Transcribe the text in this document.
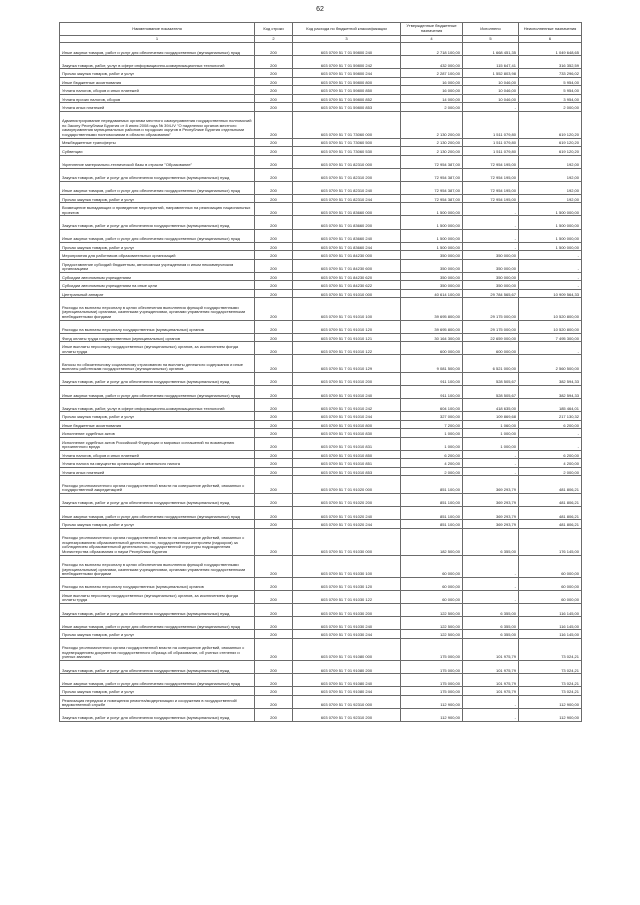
62
Наименование показателя	Код строки	Код расхода по бюджетной классификации	Утвержденные бюджетные назначения	Исполнено	Неисполненные назначения
1	2	3	4	5	6
Иные закупки товаров, работ и услуг для обеспечения государственных (муниципальных) нужд	200	603 0709 51 7 01 59800 240	2 718 100,00	1 668 451,35	1 049 648,65
Закупка товаров, работ, услуг в сфере информационно-коммуникационных технологий	200	603 0709 51 7 01 59800 242	432 000,00	115 647,41	316 352,59
Прочая закупка товаров, работ и услуг	200	603 0709 51 7 01 59800 244	2 287 100,00	1 552 803,98	733 296,02
Иные бюджетные ассигнования	200	603 0709 51 7 01 59800 800	16 000,00	10 046,00	5 954,00
Уплата налогов, сборов и иных платежей	200	603 0709 51 7 01 59800 850	16 000,00	10 046,00	5 954,00
Уплата прочих налогов, сборов	200	603 0709 51 7 01 59800 852	14 000,00	10 046,00	3 954,00
Уплата иных платежей	200	603 0709 51 7 01 59800 853	2 000,00	-	2 000,00
Администрирование передаваемых органам местного самоуправления государственных полномочий по Закону Республики Бурятия от 8 июля 2008 года № 394-IV "О наделении органов местного самоуправления муниципальных районов и городских округов в Республике Бурятия отдельными государственными полномочиями в области образования"	200	603 0709 51 7 01 73060 000	2 130 200,00	1 511 079,80	619 120,20
Межбюджетные трансферты	200	603 0709 51 7 01 73060 500	2 130 200,00	1 511 079,80	619 120,20
Субвенции	200	603 0709 51 7 01 73060 530	2 130 200,00	1 511 079,80	619 120,20
Укрепление материально-технической базы в отрасли "Образование"	200	603 0709 51 7 01 82310 000	72 954 387,00	72 954 195,00	192,00
Закупка товаров, работ и услуг для обеспечения государственных (муниципальных) нужд	200	603 0709 51 7 01 82310 200	72 954 387,00	72 954 195,00	192,00
Иные закупки товаров, работ и услуг для обеспечения государственных (муниципальных) нужд	200	603 0709 51 7 01 82310 240	72 954 387,00	72 954 195,00	192,00
Прочая закупка товаров, работ и услуг	200	603 0709 51 7 01 82310 244	72 954 387,00	72 954 195,00	192,00
Возмещение выпадающих и приведение мероприятий, направленных на реализацию национальных проектов	200	603 0709 51 7 01 83660 000	1 500 000,00	-	1 500 000,00
Закупка товаров, работ и услуг для обеспечения государственных (муниципальных) нужд	200	603 0709 51 7 01 83660 200	1 500 000,00	-	1 500 000,00
Иные закупки товаров, работ и услуг для обеспечения государственных (муниципальных) нужд	200	603 0709 51 7 01 83660 240	1 500 000,00	-	1 500 000,00
Прочая закупка товаров, работ и услуг	200	603 0709 51 7 01 83660 244	1 500 000,00	-	1 500 000,00
Мероприятия для работников образовательных организаций	200	603 0709 51 7 01 84230 000	350 000,00	350 000,00	-
Предоставление субсидий бюджетным, автономным учреждениям и иным некоммерческим организациям	200	603 0709 51 7 01 84230 600	350 000,00	350 000,00	-
Субсидии автономным учреждениям	200	603 0709 51 7 01 84230 620	350 000,00	350 000,00	-
Субсидии автономным учреждениям на иные цели	200	603 0709 51 7 01 84230 622	350 000,00	350 000,00	-
Центральный аппарат	200	603 0709 51 7 01 91010 000	40 614 100,00	29 784 565,67	10 909 564,33
Расходы на выплаты персоналу в целях обеспечения выполнения функций государственными (муниципальными) органами, казенными учреждениями, органами управления государственными внебюджетными фондами	200	603 0709 51 7 01 91010 100	39 695 800,00	29 175 000,00	10 520 800,00
Расходы на выплаты персоналу государственных (муниципальных) органов	200	603 0709 51 7 01 91010 120	39 695 800,00	29 175 000,00	10 520 800,00
Фонд оплаты труда государственных (муниципальных) органов	200	603 0709 51 7 01 91010 121	30 164 300,00	22 659 000,00	7 495 300,00
Иные выплаты персоналу государственных (муниципальных) органов, за исключением фонда оплаты труда	200	603 0709 51 7 01 91010 122	600 000,00	600 000,00	-
Взносы по обязательному социальному страхованию на выплаты денежного содержания и иные выплаты работникам государственных (муниципальных) органов	200	603 0709 51 7 01 91010 129	9 081 500,00	6 521 000,00	2 560 500,00
Закупка товаров, работ и услуг для обеспечения государственных (муниципальных) нужд	200	603 0709 51 7 01 91010 200	911 100,00	528 505,67	382 594,33
Иные закупки товаров, работ и услуг для обеспечения государственных (муниципальных) нужд	200	603 0709 51 7 01 91010 240	911 100,00	528 505,67	382 594,33
Закупка товаров, работ, услуг в сфере информационно-коммуникационных технологий	200	603 0709 51 7 01 91010 242	604 100,00	418 635,00	185 464,01
Прочая закупка товаров, работ и услуг	200	603 0709 51 7 01 91010 244	327 000,00	109 869,68	217 130,32
Иные бюджетные ассигнования	200	603 0709 51 7 01 91010 800	7 200,00	1 060,00	6 200,00
Исполнение судебных актов	200	603 0709 51 7 01 91010 830	1 000,00	1 000,00	-
Исполнение судебных актов Российской Федерации и мировых соглашений по возмещению причиненного вреда	200	603 0709 51 7 01 91010 831	1 000,00	1 000,00	-
Уплата налогов, сборов и иных платежей	200	603 0709 51 7 01 91010 850	6 200,00	-	6 200,00
Уплата налога на имущество организаций и земельного налога	200	603 0709 51 7 01 91010 851	4 200,00	-	4 200,00
Уплата иных платежей	200	603 0709 51 7 01 91010 853	2 000,00	-	2 000,00
Расходы уполномоченного органа государственной власти на совершение действий, связанных с государственной аккредитацией	200	603 0709 51 7 01 91020 000	851 100,00	369 293,79	481 806,21
Закупка товаров, работ и услуг для обеспечения государственных (муниципальных) нужд	200	603 0709 51 7 01 91020 200	851 100,00	369 293,79	481 806,21
Иные закупки товаров, работ и услуг для обеспечения государственных (муниципальных) нужд	200	603 0709 51 7 01 91020 240	851 100,00	369 293,79	481 806,21
Прочая закупка товаров, работ и услуг	200	603 0709 51 7 01 91020 244	851 100,00	369 293,79	481 806,21
Расходы уполномоченного органа государственной власти на совершение действий, связанных с лицензированием образовательной деятельности, государственным контролем (надзором) за соблюдением образовательной деятельности, государственной структуры подразделения Министерства образования и науки Республики Бурятия	200	603 0709 51 7 01 91030 000	182 500,00	6 355,00	176 145,00
Расходы на выплаты персоналу в целях обеспечения выполнения функций государственными (муниципальными) органами, казенными учреждениями, органами управления государственными внебюджетными фондами	200	603 0709 51 7 01 91030 100	60 000,00	-	60 000,00
Расходы на выплаты персоналу государственных (муниципальных) органов	200	603 0709 51 7 01 91030 120	60 000,00	-	60 000,00
Иные выплаты персоналу государственных (муниципальных) органов, за исключением фонда оплаты труда	200	603 0709 51 7 01 91030 122	60 000,00	-	60 000,00
Закупка товаров, работ и услуг для обеспечения государственных (муниципальных) нужд	200	603 0709 51 7 01 91030 200	122 500,00	6 355,00	116 145,00
Иные закупки товаров, работ и услуг для обеспечения государственных (муниципальных) нужд	200	603 0709 51 7 01 91030 240	122 500,00	6 355,00	116 145,00
Прочая закупка товаров, работ и услуг	200	603 0709 51 7 01 91030 244	122 500,00	6 355,00	116 145,00
Расходы уполномоченного органа государственной власти на совершение действий, связанных с подтверждением документов государственного образца об образовании, об ученых степенях и ученых званиях	200	603 0709 51 7 01 91080 000	175 000,00	101 975,79	73 024,21
Закупка товаров, работ и услуг для обеспечения государственных (муниципальных) нужд	200	603 0709 51 7 01 91080 200	175 000,00	101 975,79	73 024,21
Иные закупки товаров, работ и услуг для обеспечения государственных (муниципальных) нужд	200	603 0709 51 7 01 91080 240	175 000,00	101 975,79	73 024,21
Прочая закупка товаров, работ и услуг	200	603 0709 51 7 01 91080 244	175 000,00	101 975,79	73 024,21
Реализация передачи и помещения ремонта/модернизации и сооружения в государственной/ведомственной службе	200	603 0709 51 7 01 92310 000	112 900,00	-	112 900,00
Закупка товаров, работ и услуг для обеспечения государственных (муниципальных) нужд	200	603 0709 51 7 01 92310 200	112 900,00	-	112 900,00
